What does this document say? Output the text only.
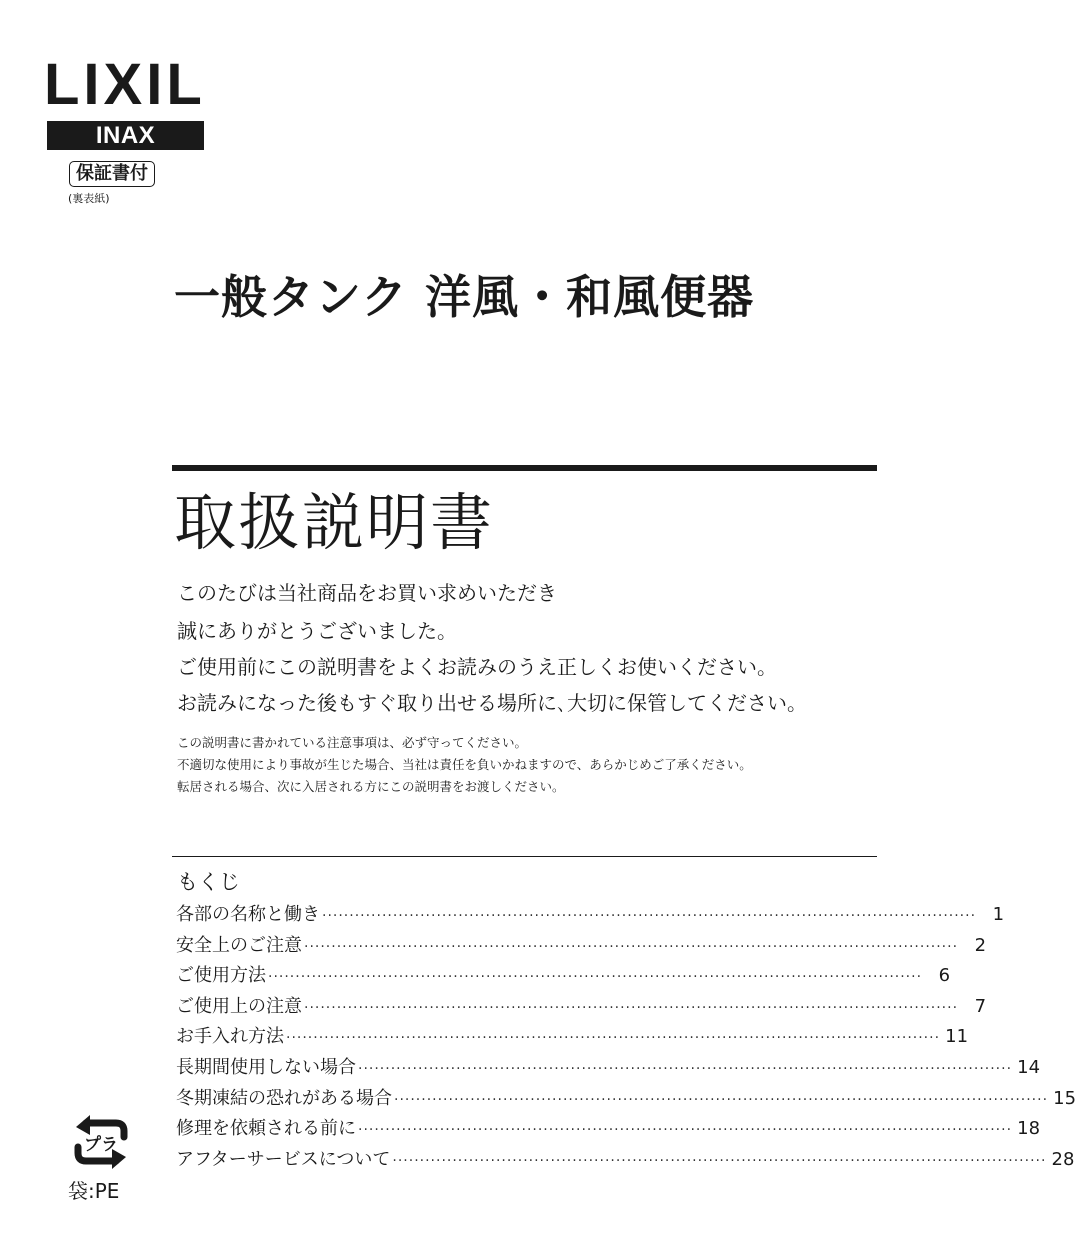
LIXIL
INAX
保証書付
(裏表紙)
一般タンク 洋風・和風便器
取扱説明書
このたびは当社商品をお買い求めいただき
誠にありがとうございました。
ご使用前にこの説明書をよくお読みのうえ正しくお使いください。
お読みになった後もすぐ取り出せる場所に､大切に保管してください。
この説明書に書かれている注意事項は、必ず守ってください。
不適切な使用により事故が生じた場合、当社は責任を負いかねますので、あらかじめご了承ください。
転居される場合、次に入居される方にこの説明書をお渡しください。
もくじ
各部の名称と働き ························································································································ 1
安全上のご注意 ························································································································ 2
ご使用方法 ························································································································ 6
ご使用上の注意 ························································································································ 7
お手入れ方法 ························································································································ 11
長期間使用しない場合 ························································································································ 14
冬期凍結の恐れがある場合 ························································································································ 15
修理を依頼される前に ························································································································ 18
アフターサービスについて ························································································································ 28
プラ
袋:PE
